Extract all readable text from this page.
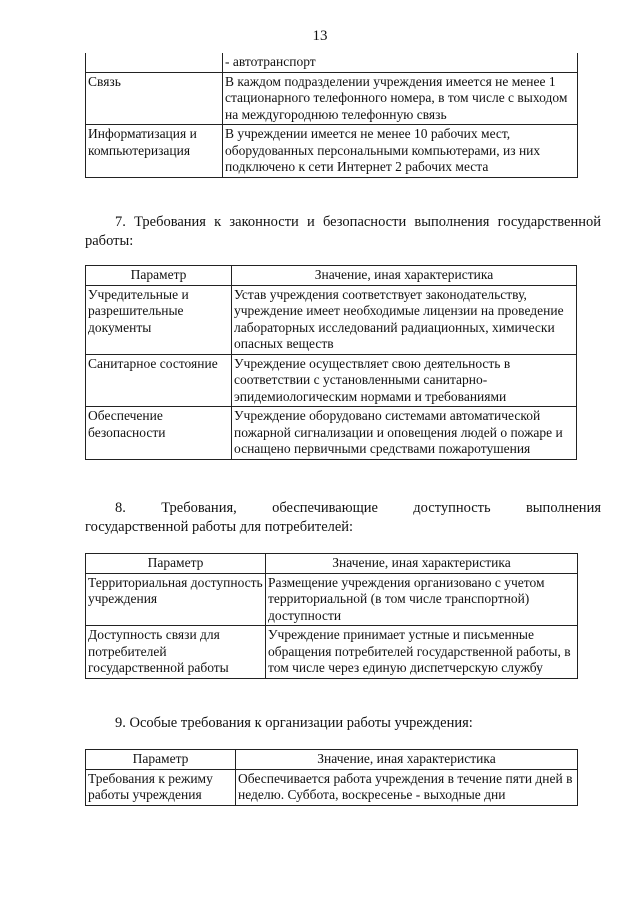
13
	- автотранспорт
Связь	В каждом подразделении учреждения имеется не менее 1 стационарного телефонного номера, в том числе с выходом на междугороднюю телефонную связь
Информатизация и компьютеризация	В учреждении имеется не менее 10 рабочих мест, оборудованных персональными компьютерами, из них подключено к сети Интернет 2 рабочих места
7. Требования к законности и безопасности выполнения государственной работы:
Параметр	Значение, иная характеристика
Учредительные и разрешительные документы	Устав учреждения соответствует законодательству, учреждение имеет необходимые лицензии на проведение лабораторных исследований радиационных, химически опасных веществ
Санитарное состояние	Учреждение осуществляет свою деятельность в соответствии с установленными санитарно-эпидемиологическим нормами и требованиями
Обеспечение безопасности	Учреждение оборудовано системами автоматической пожарной сигнализации и оповещения людей о пожаре и оснащено первичными средствами пожаротушения
8. Требования, обеспечивающие доступность выполнения
государственной работы для потребителей:
Параметр	Значение, иная характеристика
Территориальная доступность учреждения	Размещение учреждения организовано с учетом территориальной (в том числе транспортной) доступности
Доступность связи для потребителей государственной работы	Учреждение принимает устные и письменные обращения потребителей государственной работы, в том числе через единую диспетчерскую службу
9. Особые требования к организации работы учреждения:
Параметр	Значение, иная характеристика
Требования к режиму работы учреждения	Обеспечивается работа учреждения в течение пяти дней в неделю. Суббота, воскресенье - выходные дни
